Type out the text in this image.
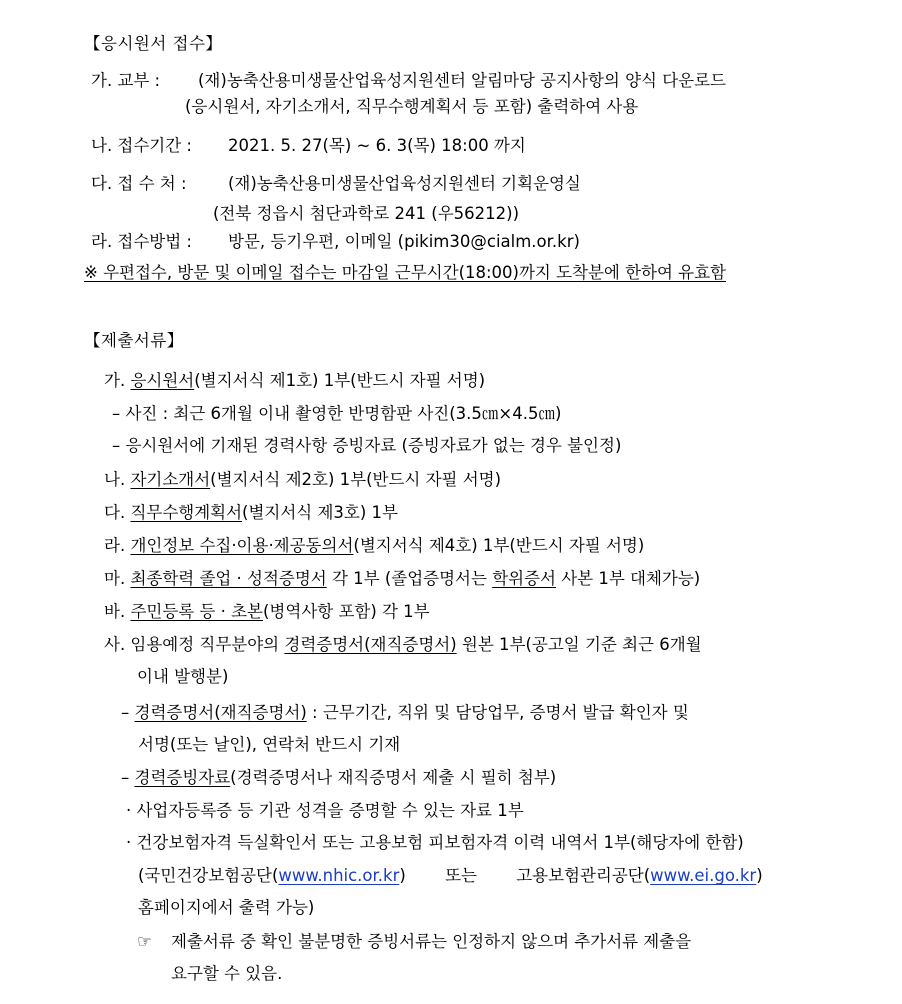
【응시원서 접수】
가. 교부 : (재)농축산용미생물산업육성지원센터 알림마당 공지사항의 양식 다운로드
(응시원서, 자기소개서, 직무수행계획서 등 포함) 출력하여 사용
나. 접수기간 : 2021. 5. 27(목) ~ 6. 3(목) 18:00 까지
다. 접 수 처 :	(재)농축산용미생물산업육성지원센터 기획운영실
(전북 정읍시 첨단과학로 241 (우56212))
라. 접수방법 : 방문, 등기우편, 이메일 (pikim30@cialm.or.kr)
※ 우편접수, 방문 및 이메일 접수는 마감일 근무시간(18:00)까지 도착분에 한하여 유효함
【제출서류】
가. 응시원서(별지서식 제1호) 1부(반드시 자필 서명)
– 사진 : 최근 6개월 이내 촬영한 반명함판 사진(3.5㎝×4.5㎝)
– 응시원서에 기재된 경력사항 증빙자료 (증빙자료가 없는 경우 불인정)
나. 자기소개서(별지서식 제2호) 1부(반드시 자필 서명)
다. 직무수행계획서(별지서식 제3호) 1부
라. 개인정보 수집·이용·제공동의서(별지서식 제4호) 1부(반드시 자필 서명)
마. 최종학력 졸업 · 성적증명서 각 1부 (졸업증명서는 학위증서 사본 1부 대체가능)
바. 주민등록 등 · 초본(병역사항 포함) 각 1부
사. 임용예정 직무분야의 경력증명서(재직증명서) 원본 1부(공고일 기준 최근 6개월
이내 발행분)
– 경력증명서(재직증명서) : 근무기간, 직위 및 담당업무, 증명서 발급 확인자 및
서명(또는 날인), 연락처 반드시 기재
– 경력증빙자료(경력증명서나 재직증명서 제출 시 필히 첨부)
· 사업자등록증 등 기관 성격을 증명할 수 있는 자료 1부
· 건강보험자격 득실확인서 또는 고용보험 피보험자격 이력 내역서 1부(해당자에 한함)
(국민건강보험공단(www.nhic.or.kr) 또는 고용보험관리공단(www.ei.go.kr)
홈페이지에서 출력 가능)
☞ 제출서류 중 확인 불분명한 증빙서류는 인정하지 않으며 추가서류 제출을
요구할 수 있음.
